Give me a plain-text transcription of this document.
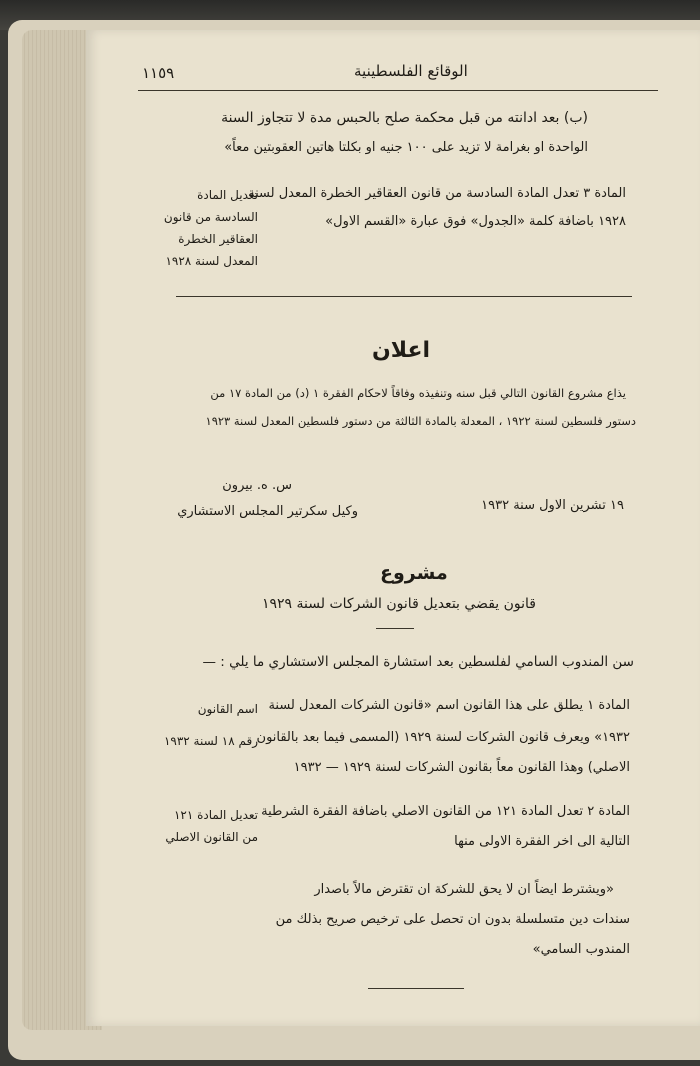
١١٥٩	الوقائع الفلسطينية
(ب) بعد ادانته من قبل محكمة صلح بالحبس مدة لا تتجاوز السنة
الواحدة او بغرامة لا تزيد على ١٠٠ جنيه او بكلتا هاتين العقوبتين معاً»
المادة ٣ تعدل المادة السادسة من قانون العقاقير الخطرة المعدل لسنة
١٩٢٨ باضافة كلمة «الجدول» فوق عبارة «القسم الاول»
تعديل المادة
السادسة من قانون
العقاقير الخطرة
المعدل لسنة ١٩٢٨
اعلان
يذاع مشروع القانون التالي قبل سنه وتنفيذه وفاقاً لاحكام الفقرة ١ (د) من المادة ١٧ من
دستور فلسطين لسنة ١٩٢٢ ، المعدلة بالمادة الثالثة من دستور فلسطين المعدل لسنة ١٩٢٣
س. ه. بيرون
وكيل سكرتير المجلس الاستشاري	١٩ تشرين الاول سنة ١٩٣٢
مشروع
قانون يقضي بتعديل قانون الشركات لسنة ١٩٢٩
سن المندوب السامي لفلسطين بعد استشارة المجلس الاستشاري ما يلي : —
المادة ١ يطلق على هذا القانون اسم «قانون الشركات المعدل لسنة
١٩٣٢» ويعرف قانون الشركات لسنة ١٩٢٩ (المسمى فيما بعد بالقانون
الاصلي) وهذا القانون معاً بقانون الشركات لسنة ١٩٢٩ — ١٩٣٢
اسم القانون
رقم ١٨ لسنة ١٩٣٢
المادة ٢ تعدل المادة ١٢١ من القانون الاصلي باضافة الفقرة الشرطية
التالية الى اخر الفقرة الاولى منها
تعديل المادة ١٢١
من القانون الاصلي
«ويشترط ايضاً ان لا يحق للشركة ان تقترض مالاً باصدار
سندات دين متسلسلة بدون ان تحصل على ترخيص صريح بذلك من
المندوب السامي»
